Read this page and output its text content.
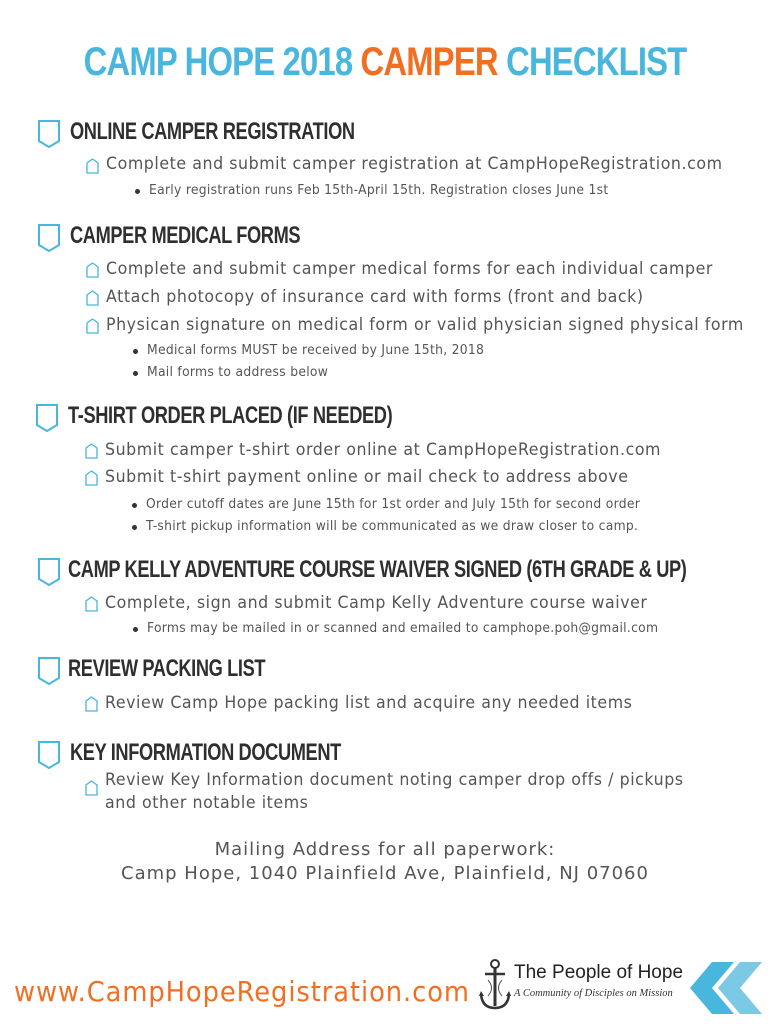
CAMP HOPE 2018 CAMPER CHECKLIST
ONLINE CAMPER REGISTRATION
Complete and submit camper registration at CampHopeRegistration.com
Early registration runs Feb 15th-April 15th. Registration closes June 1st
CAMPER MEDICAL FORMS
Complete and submit camper medical forms for each individual camper
Attach photocopy of insurance card with forms (front and back)
Physican signature on medical form or valid physician signed physical form
Medical forms MUST be received by June 15th, 2018
Mail forms to address below
T-SHIRT ORDER PLACED (IF NEEDED)
Submit camper t-shirt order online at CampHopeRegistration.com
Submit t-shirt payment online or mail check to address above
Order cutoff dates are June 15th for 1st order and July 15th for second order
T-shirt pickup information will be communicated as we draw closer to camp.
CAMP KELLY ADVENTURE COURSE WAIVER SIGNED (6TH GRADE & UP)
Complete, sign and submit Camp Kelly Adventure course waiver
Forms may be mailed in or scanned and emailed to camphope.poh@gmail.com
REVIEW PACKING LIST
Review Camp Hope packing list and acquire any needed items
KEY INFORMATION DOCUMENT
Review Key Information document noting camper drop offs / pickups
and other notable items
Mailing Address for all paperwork:
Camp Hope, 1040 Plainfield Ave, Plainfield, NJ 07060
www.CampHopeRegistration.com
The People of Hope
A Community of Disciples on Mission
